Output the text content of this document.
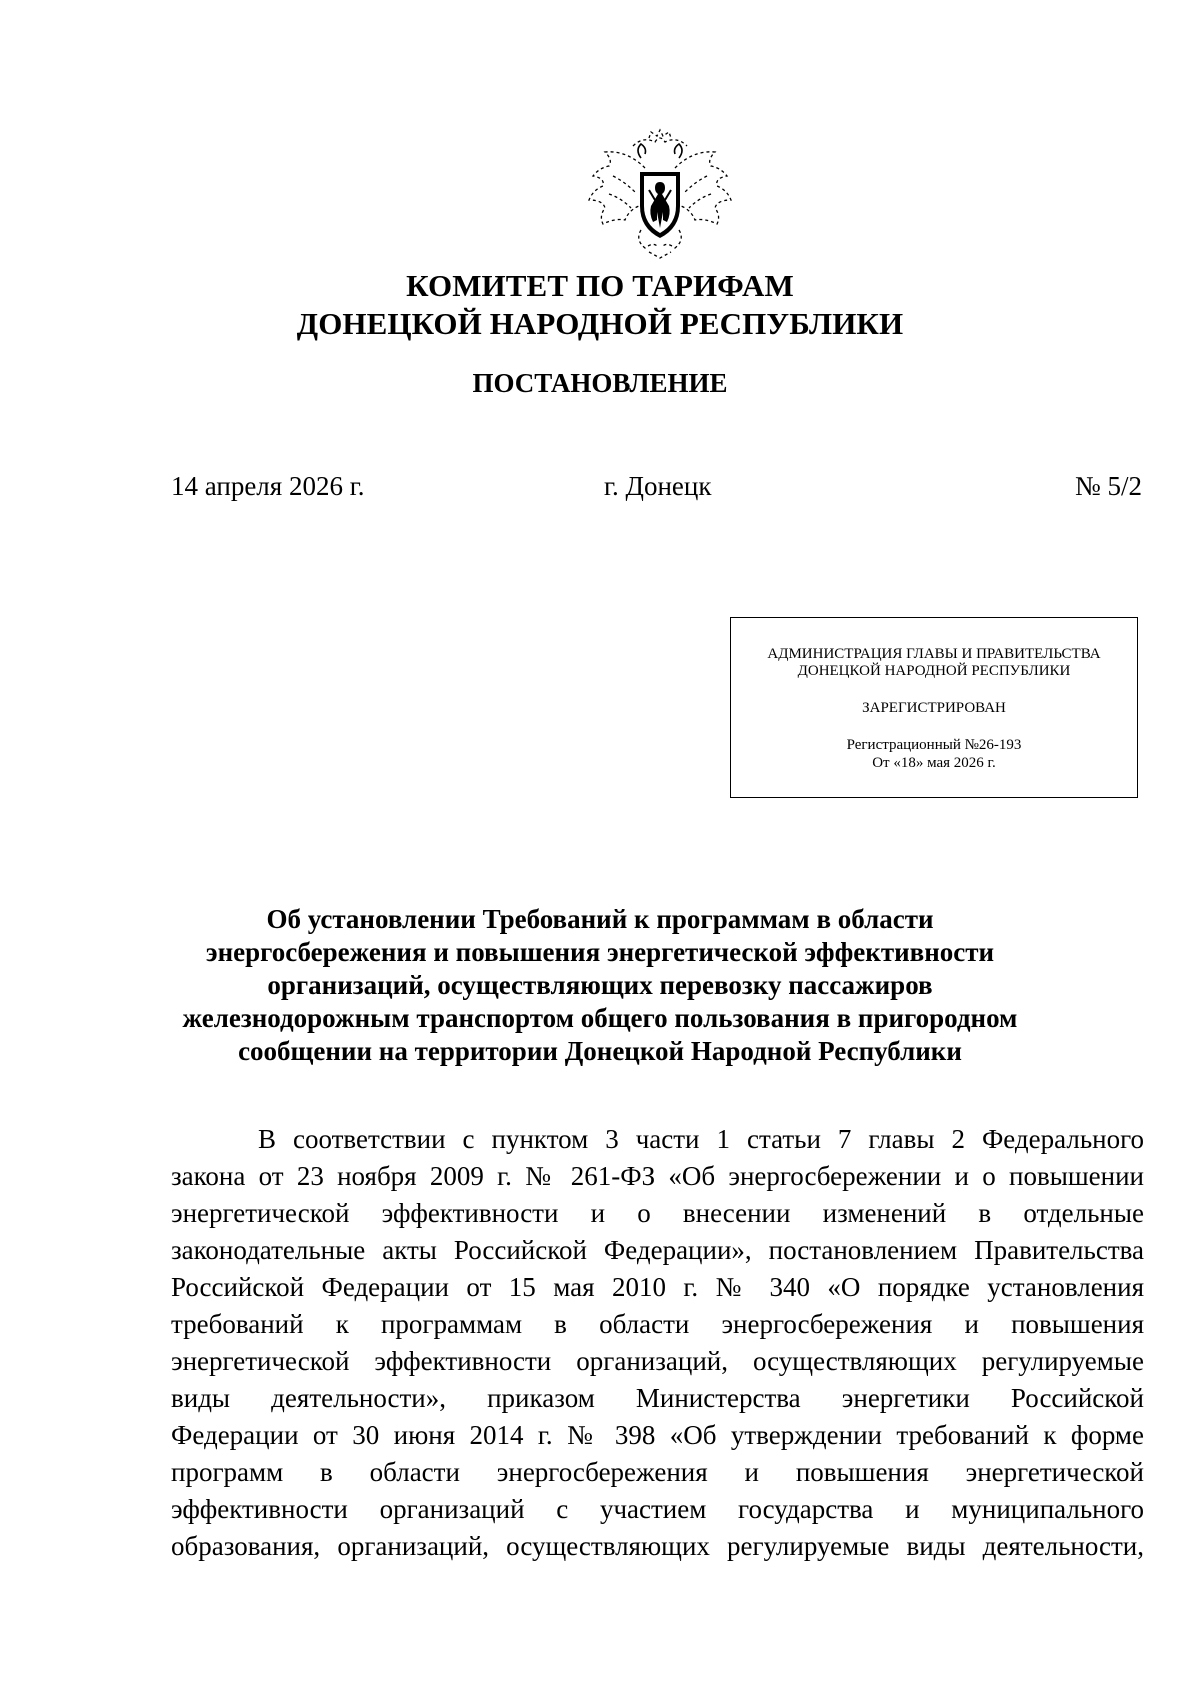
КОМИТЕТ ПО ТАРИФАМ
ДОНЕЦКОЙ НАРОДНОЙ РЕСПУБЛИКИ
ПОСТАНОВЛЕНИЕ
14 апреля 2026 г.	г. Донецк	№ 5/2
АДМИНИСТРАЦИЯ ГЛАВЫ И ПРАВИТЕЛЬСТВА
ДОНЕЦКОЙ НАРОДНОЙ РЕСПУБЛИКИ
ЗАРЕГИСТРИРОВАН
Регистрационный №26-193
От «18» мая 2026 г.
Об установлении Требований к программам в области
энергосбережения и повышения энергетической эффективности
организаций, осуществляющих перевозку пассажиров
железнодорожным транспортом общего пользования в пригородном
сообщении на территории Донецкой Народной Республики
В соответствии с пунктом 3 части 1 статьи 7 главы 2 Федерального
закона от 23 ноября 2009 г. № 261-ФЗ «Об энергосбережении и о повышении
энергетической эффективности и о внесении изменений в отдельные
законодательные акты Российской Федерации», постановлением Правительства
Российской Федерации от 15 мая 2010 г. № 340 «О порядке установления
требований к программам в области энергосбережения и повышения
энергетической эффективности организаций, осуществляющих регулируемые
виды деятельности», приказом Министерства энергетики Российской
Федерации от 30 июня 2014 г. № 398 «Об утверждении требований к форме
программ в области энергосбережения и повышения энергетической
эффективности организаций с участием государства и муниципального
образования, организаций, осуществляющих регулируемые виды деятельности,
